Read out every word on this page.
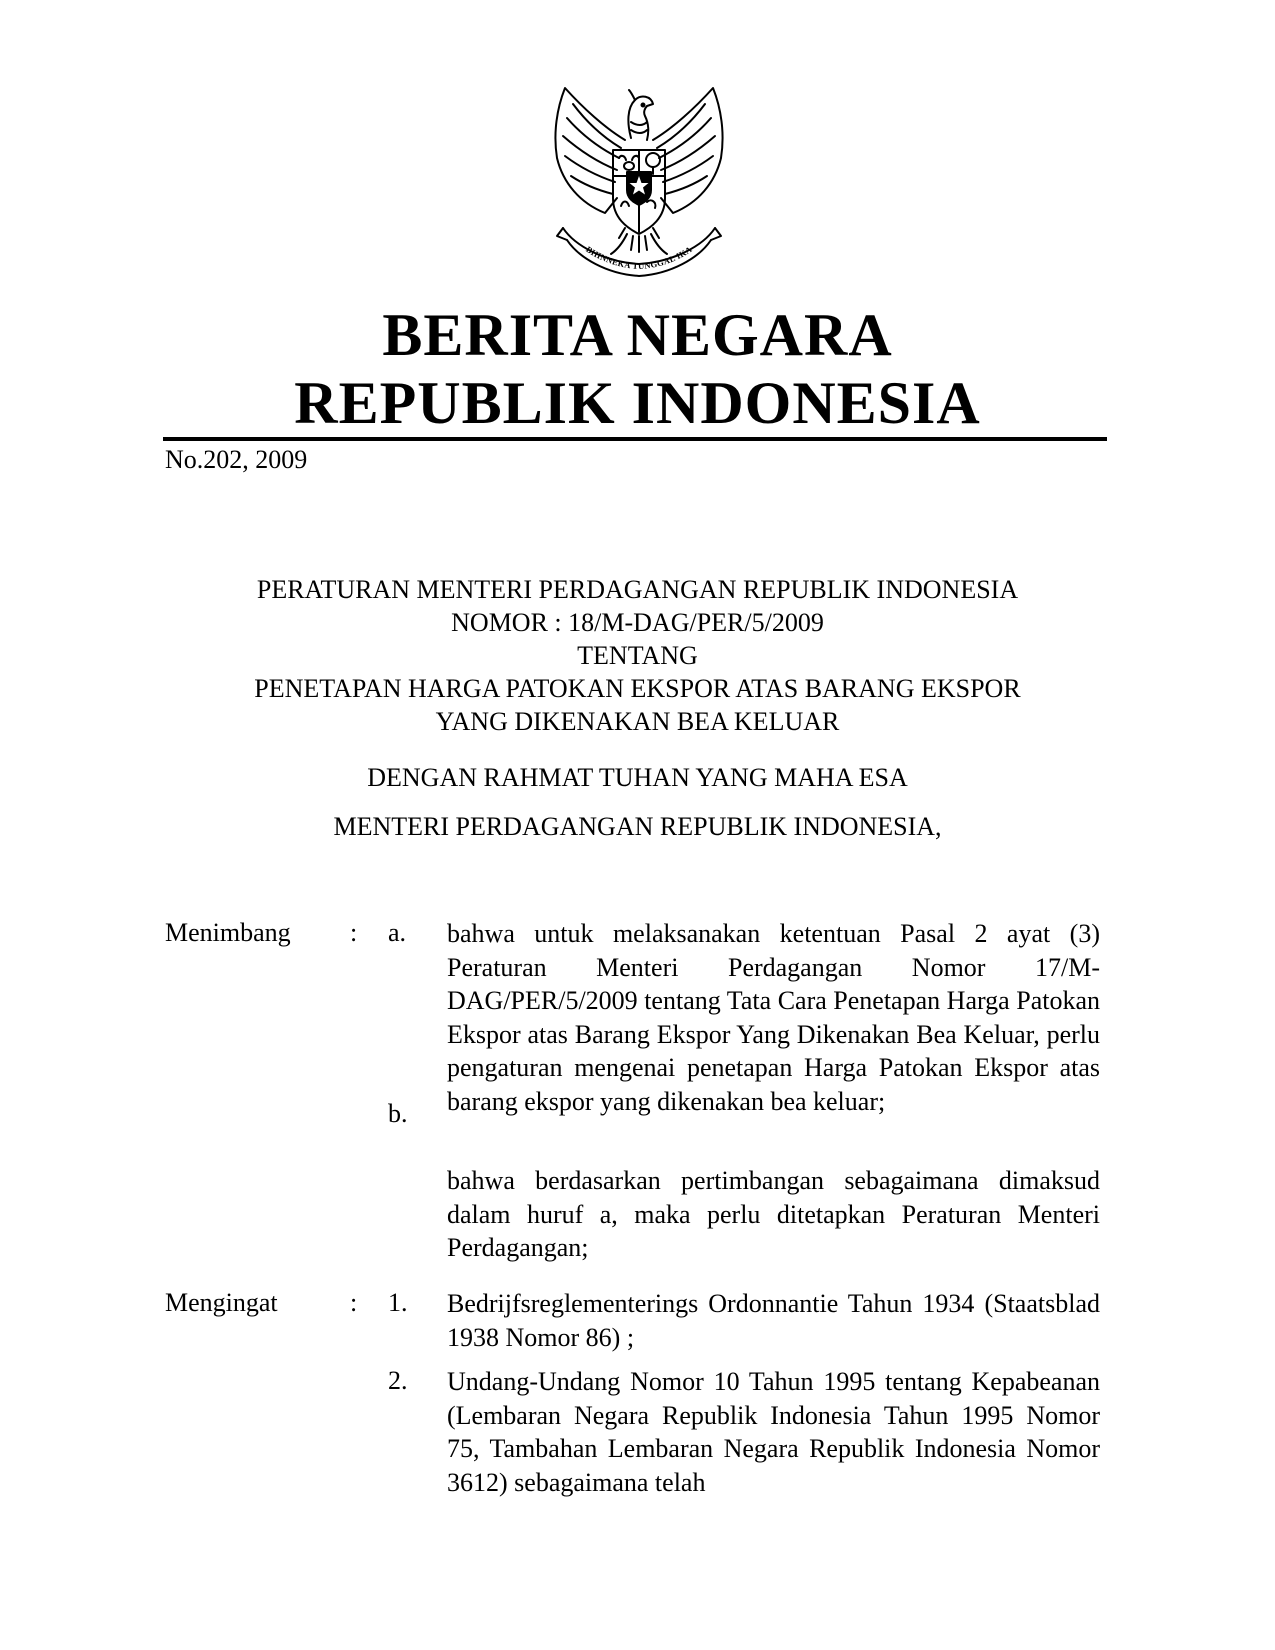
BHINNEKA TUNGGAL IKA
BERITA NEGARA
REPUBLIK INDONESIA
No.202, 2009
PERATURAN MENTERI PERDAGANGAN REPUBLIK INDONESIA
NOMOR : 18/M-DAG/PER/5/2009
TENTANG
PENETAPAN HARGA PATOKAN EKSPOR ATAS BARANG EKSPOR
YANG DIKENAKAN BEA KELUAR
DENGAN RAHMAT TUHAN YANG MAHA ESA
MENTERI PERDAGANGAN REPUBLIK INDONESIA,
Menimbang : a. bahwa untuk melaksanakan ketentuan Pasal 2 ayat (3) Peraturan Menteri Perdagangan Nomor 17/M-DAG/PER/5/2009 tentang Tata Cara Penetapan Harga Patokan Ekspor atas Barang Ekspor Yang Dikenakan Bea Keluar, perlu pengaturan mengenai penetapan Harga Patokan Ekspor atas barang ekspor yang dikenakan bea keluar;
b.
bahwa berdasarkan pertimbangan sebagaimana dimaksud dalam huruf a, maka perlu ditetapkan Peraturan Menteri Perdagangan;
Mengingat	: 1. Bedrijfsreglementerings Ordonnantie Tahun 1934 (Staatsblad 1938 Nomor 86) ;
2. Undang-Undang Nomor 10 Tahun 1995 tentang Kepabeanan (Lembaran Negara Republik Indonesia Tahun 1995 Nomor 75, Tambahan Lembaran Negara Republik Indonesia Nomor 3612) sebagaimana telah
